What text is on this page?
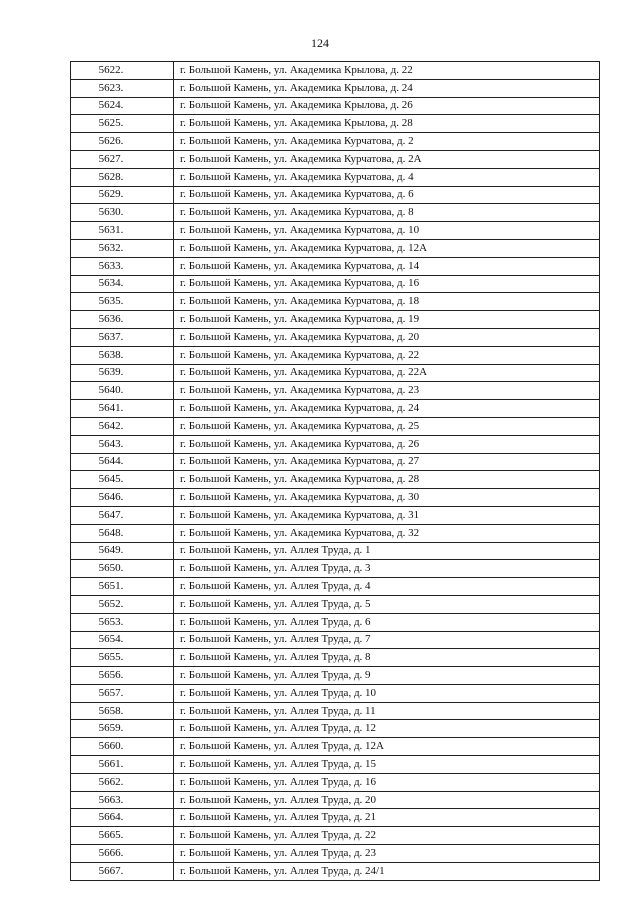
124
5622.	г. Большой Камень, ул. Академика Крылова, д. 22
5623.	г. Большой Камень, ул. Академика Крылова, д. 24
5624.	г. Большой Камень, ул. Академика Крылова, д. 26
5625.	г. Большой Камень, ул. Академика Крылова, д. 28
5626.	г. Большой Камень, ул. Академика Курчатова, д. 2
5627.	г. Большой Камень, ул. Академика Курчатова, д. 2А
5628.	г. Большой Камень, ул. Академика Курчатова, д. 4
5629.	г. Большой Камень, ул. Академика Курчатова, д. 6
5630.	г. Большой Камень, ул. Академика Курчатова, д. 8
5631.	г. Большой Камень, ул. Академика Курчатова, д. 10
5632.	г. Большой Камень, ул. Академика Курчатова, д. 12А
5633.	г. Большой Камень, ул. Академика Курчатова, д. 14
5634.	г. Большой Камень, ул. Академика Курчатова, д. 16
5635.	г. Большой Камень, ул. Академика Курчатова, д. 18
5636.	г. Большой Камень, ул. Академика Курчатова, д. 19
5637.	г. Большой Камень, ул. Академика Курчатова, д. 20
5638.	г. Большой Камень, ул. Академика Курчатова, д. 22
5639.	г. Большой Камень, ул. Академика Курчатова, д. 22А
5640.	г. Большой Камень, ул. Академика Курчатова, д. 23
5641.	г. Большой Камень, ул. Академика Курчатова, д. 24
5642.	г. Большой Камень, ул. Академика Курчатова, д. 25
5643.	г. Большой Камень, ул. Академика Курчатова, д. 26
5644.	г. Большой Камень, ул. Академика Курчатова, д. 27
5645.	г. Большой Камень, ул. Академика Курчатова, д. 28
5646.	г. Большой Камень, ул. Академика Курчатова, д. 30
5647.	г. Большой Камень, ул. Академика Курчатова, д. 31
5648.	г. Большой Камень, ул. Академика Курчатова, д. 32
5649.	г. Большой Камень, ул. Аллея Труда, д. 1
5650.	г. Большой Камень, ул. Аллея Труда, д. 3
5651.	г. Большой Камень, ул. Аллея Труда, д. 4
5652.	г. Большой Камень, ул. Аллея Труда, д. 5
5653.	г. Большой Камень, ул. Аллея Труда, д. 6
5654.	г. Большой Камень, ул. Аллея Труда, д. 7
5655.	г. Большой Камень, ул. Аллея Труда, д. 8
5656.	г. Большой Камень, ул. Аллея Труда, д. 9
5657.	г. Большой Камень, ул. Аллея Труда, д. 10
5658.	г. Большой Камень, ул. Аллея Труда, д. 11
5659.	г. Большой Камень, ул. Аллея Труда, д. 12
5660.	г. Большой Камень, ул. Аллея Труда, д. 12А
5661.	г. Большой Камень, ул. Аллея Труда, д. 15
5662.	г. Большой Камень, ул. Аллея Труда, д. 16
5663.	г. Большой Камень, ул. Аллея Труда, д. 20
5664.	г. Большой Камень, ул. Аллея Труда, д. 21
5665.	г. Большой Камень, ул. Аллея Труда, д. 22
5666.	г. Большой Камень, ул. Аллея Труда, д. 23
5667.	г. Большой Камень, ул. Аллея Труда, д. 24/1
